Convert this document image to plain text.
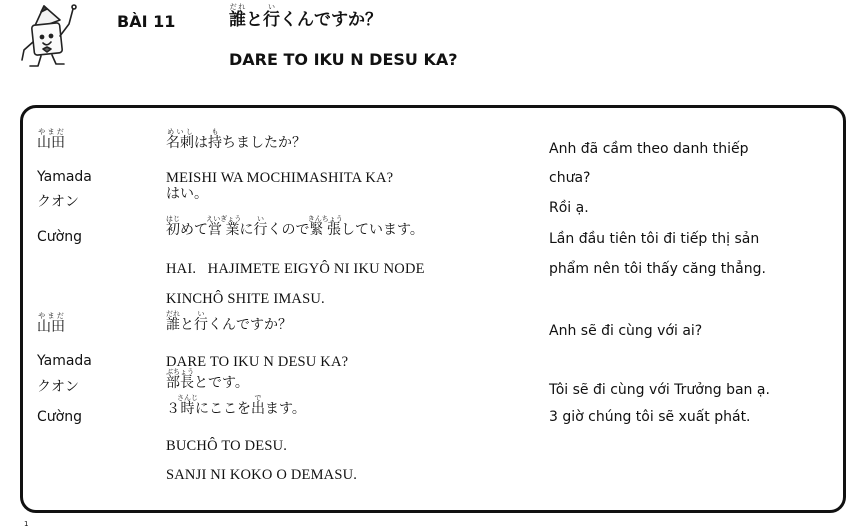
BÀI 11	誰だれと行いくんですか？
DARE TO IKU N DESU KA?
山田やまだ
Yamada
クオン
Cường
山田やまだ
Yamada
クオン
Cường
名刺めいしは持もちましたか？
はい。
初はじめて営業えいぎょうに行いくので緊張きんちょうしています。
誰だれと行いくんですか？
部長ぶちょうとです。
３時さんじにここを出でます。
MEISHI WA MOCHIMASHITA KA?
HAI.   HAJIMETE EIGYÔ NI IKU NODE
KINCHÔ SHITE IMASU.
DARE TO IKU N DESU KA?
BUCHÔ TO DESU.
SANJI NI KOKO O DEMASU.
Anh đã cầm theo danh thiếp
chưa?
Rồi ạ.
Lần đầu tiên tôi đi tiếp thị sản
phẩm nên tôi thấy căng thẳng.
Anh sẽ đi cùng với ai?
Tôi sẽ đi cùng với Trưởng ban ạ.
3 giờ chúng tôi sẽ xuất phát.
1
